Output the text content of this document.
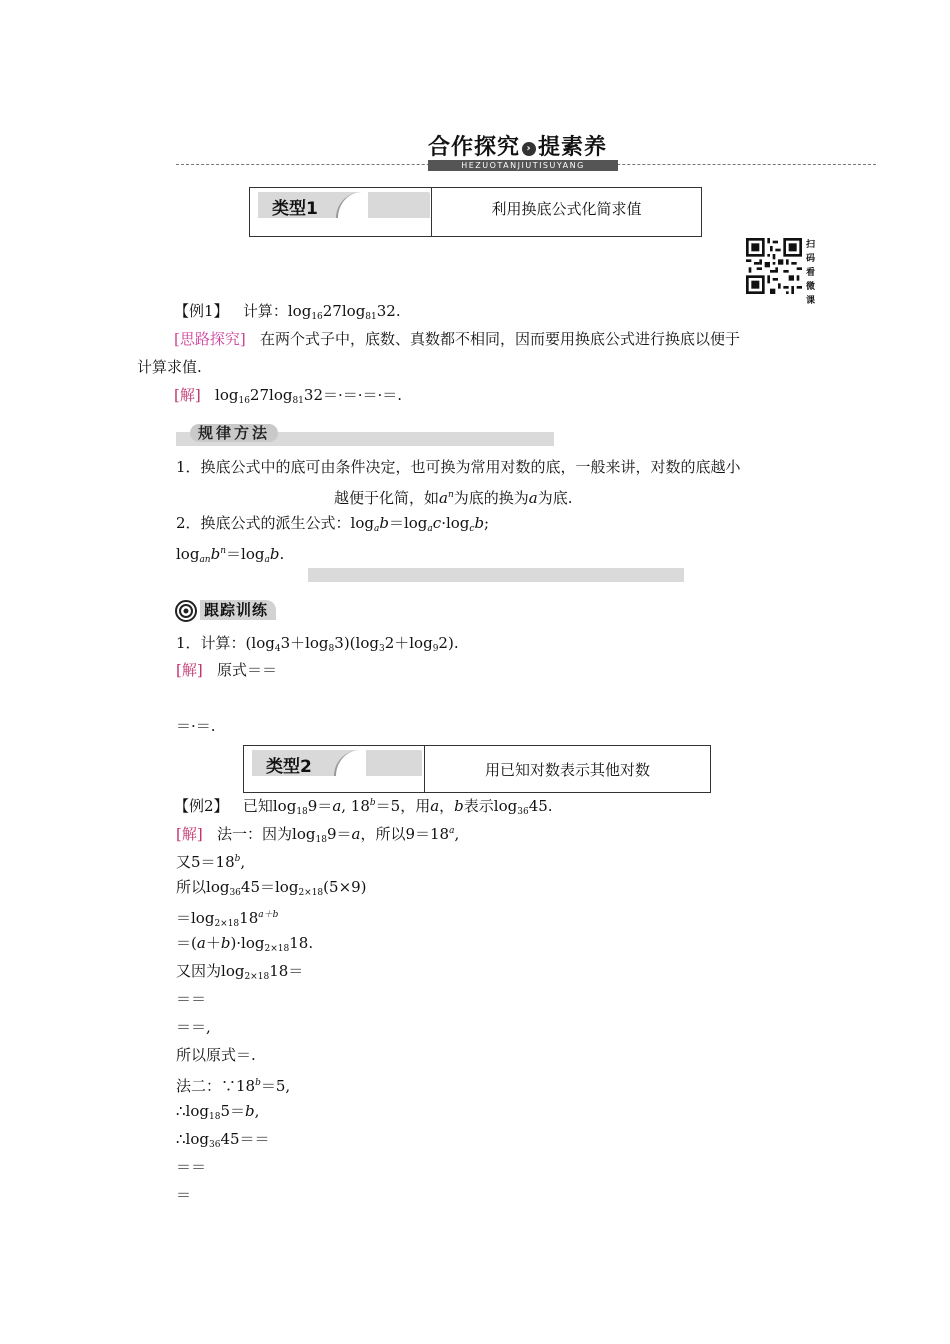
合作探究 › 提素养
HEZUOTANJIUTISUYANG
类型1	利用换底公式化简求值
扫码看微课
【例1】 计算：$\log_{16}27\log_{81}32$.
[思路探究] 在两个式子中，底数、真数都不相同，因而要用换底公式进行换底以便于
计算求值.
[解] $\log_{16}27\log_{81}32=\cdot=\cdot=\cdot=$.
规律方法
1．换底公式中的底可由条件决定，也可换为常用对数的底，一般来讲，对数的底越小
越便于化简，如$a^n$为底的换为a为底.
2．换底公式的派生公式：$\log_ab=\log_ac\cdot\log_cb$;
$\log_{an}b^n=\log_ab$.
跟踪训练
1．计算：$(\log_43+\log_83)(\log_32+\log_92)$.
[解] 原式＝＝
＝·＝.
类型2	用已知对数表示其他对数
【例2】   已知$\log_{18}9=a$, $18^b=5$，用a，b表示$\log_{36}45$.
[解] 法一：因为$\log_{18}9=a$，所以$9=18^a$,
又$5=18^b$,
所以$\log_{36}45=\log_{2\times 18}(5\times 9)$
$=\log_{2\times 18}18^{a+b}$
$=(a+b)\cdot\log_{2\times 18}18$.
又因为$\log_{2\times 18}18=$
＝＝
＝＝,
所以原式＝.
法二：$\because 18^b=5$,
$\therefore\log_{18}5=b$,
$\therefore\log_{36}45==$
＝＝
＝
